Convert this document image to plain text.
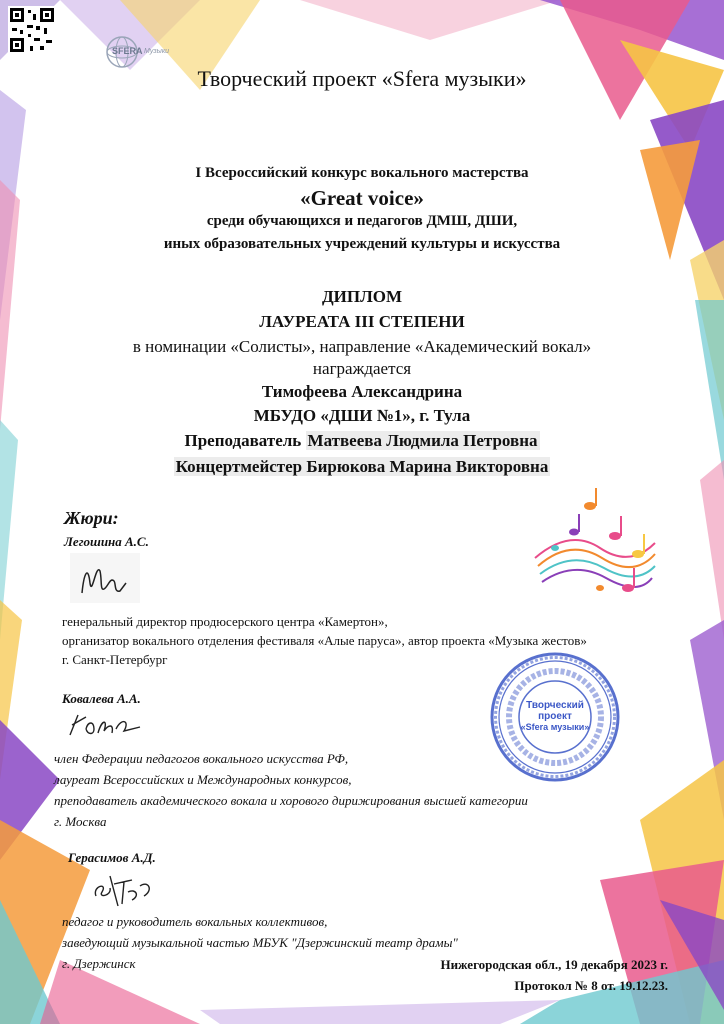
SFERA Музыки
Творческий проект «Sfera музыки»
I Всероссийский конкурс вокального мастерства
«Great voice»
среди обучающихся и педагогов ДМШ, ДШИ,
иных образовательных учреждений культуры и искусства
ДИПЛОМ
ЛАУРЕАТА III СТЕПЕНИ
в номинации «Солисты», направление «Академический вокал»
награждается
Тимофеева Александрина
МБУДО «ДШИ №1», г. Тула
Преподаватель Матвеева Людмила Петровна
Концертмейстер Бирюкова Марина Викторовна
Жюри:
Легошина А.С.
генеральный директор продюсерского центра «Камертон»,
организатор вокального отделения фестиваля «Алые паруса», автор проекта «Музыка жестов»
г. Санкт-Петербург
Ковалева А.А.
член Федерации педагогов вокального искусства РФ,
лауреат Всероссийских и Международных конкурсов,
преподаватель академического вокала и хорового дирижирования высшей категории
г. Москва
Герасимов А.Д.
педагог и руководитель вокальных коллективов,
заведующий музыкальной частью МБУК "Дзержинский театр драмы"
г. Дзержинск
Творческий
проект
«Sfera музыки»
Нижегородская обл., 19 декабря 2023 г.
Протокол № 8 от. 19.12.23.
